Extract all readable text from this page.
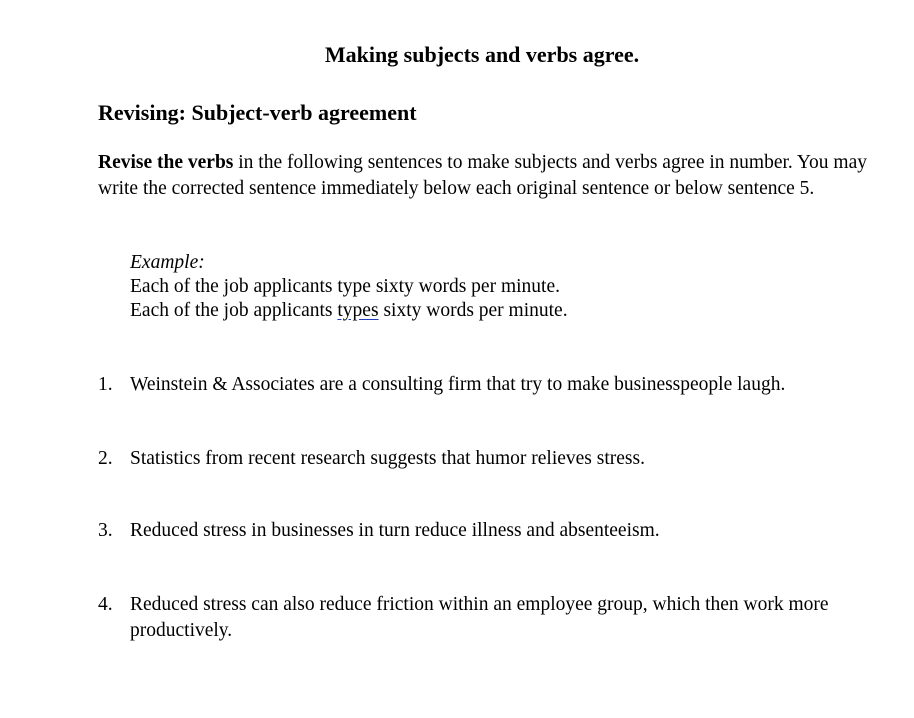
Making subjects and verbs agree.
Revising: Subject-verb agreement

Revise the verbs in the following sentences to make subjects and verbs agree in number. You may write the corrected sentence immediately below each original sentence or below sentence 5.

Example:
Each of the job applicants type sixty words per minute.
Each of the job applicants types sixty words per minute.
1. Weinstein & Associates are a consulting firm that try to make businesspeople laugh.
2. Statistics from recent research suggests that humor relieves stress.
3. Reduced stress in businesses in turn reduce illness and absenteeism.
4. Reduced stress can also reduce friction within an employee group, which then work more productively.
